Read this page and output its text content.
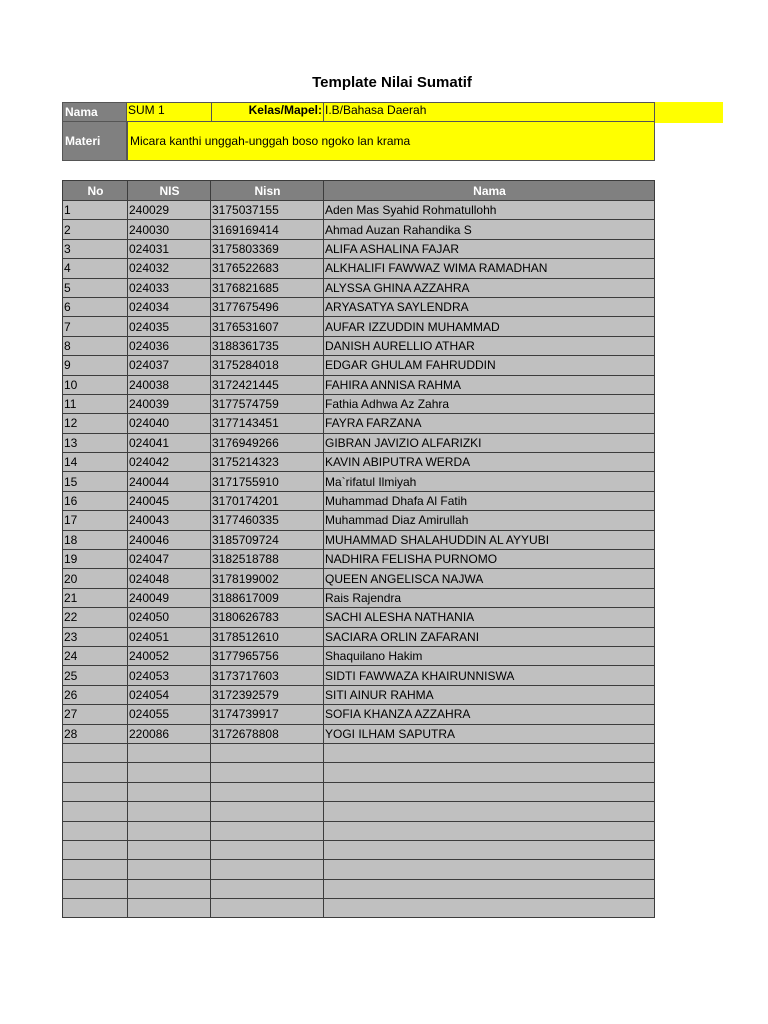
Template Nilai Sumatif
Nama	SUM 1	Kelas/Mapel: I.B/Bahasa Daerah
Materi	Micara kanthi unggah-unggah boso ngoko lan krama
No	NIS	Nisn	Nama
1	240029	3175037155	Aden Mas Syahid Rohmatullohh
2	240030	3169169414	Ahmad Auzan Rahandika S
3	024031	3175803369	ALIFA ASHALINA FAJAR
4	024032	3176522683	ALKHALIFI FAWWAZ WIMA RAMADHAN
5	024033	3176821685	ALYSSA GHINA AZZAHRA
6	024034	3177675496	ARYASATYA SAYLENDRA
7	024035	3176531607	AUFAR IZZUDDIN MUHAMMAD
8	024036	3188361735	DANISH AURELLIO ATHAR
9	024037	3175284018	EDGAR GHULAM FAHRUDDIN
10	240038	3172421445	FAHIRA ANNISA RAHMA
11	240039	3177574759	Fathia Adhwa Az Zahra
12	024040	3177143451	FAYRA FARZANA
13	024041	3176949266	GIBRAN JAVIZIO ALFARIZKI
14	024042	3175214323	KAVIN ABIPUTRA WERDA
15	240044	3171755910	Ma`rifatul Ilmiyah
16	240045	3170174201	Muhammad Dhafa Al Fatih
17	240043	3177460335	Muhammad Diaz Amirullah
18	240046	3185709724	MUHAMMAD SHALAHUDDIN AL AYYUBI
19	024047	3182518788	NADHIRA FELISHA PURNOMO
20	024048	3178199002	QUEEN ANGELISCA NAJWA
21	240049	3188617009	Rais Rajendra
22	024050	3180626783	SACHI ALESHA NATHANIA
23	024051	3178512610	SACIARA ORLIN ZAFARANI
24	240052	3177965756	Shaquilano Hakim
25	024053	3173717603	SIDTI FAWWAZA KHAIRUNNISWA
26	024054	3172392579	SITI AINUR RAHMA
27	024055	3174739917	SOFIA KHANZA AZZAHRA
28	220086	3172678808	YOGI ILHAM SAPUTRA
